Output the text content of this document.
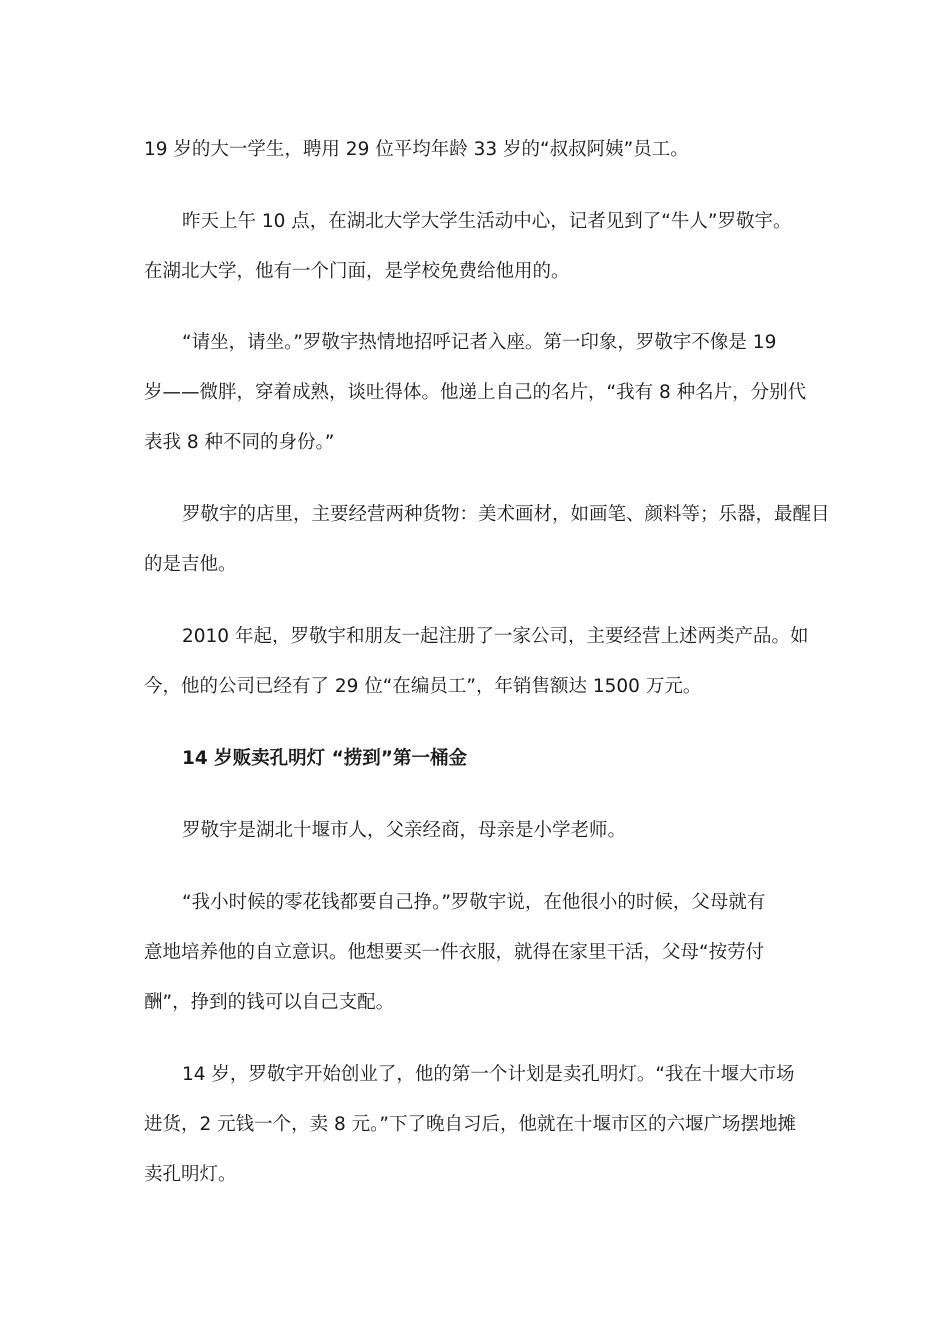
19 岁的大一学生，聘用 29 位平均年龄 33 岁的“叔叔阿姨”员工。

昨天上午 10 点，在湖北大学大学生活动中心，记者见到了“牛人”罗敬宇。
在湖北大学，他有一个门面，是学校免费给他用的。

“请坐，请坐。”罗敬宇热情地招呼记者入座。第一印象，罗敬宇不像是 19
岁——微胖，穿着成熟，谈吐得体。他递上自己的名片，“我有 8 种名片，分别代
表我 8 种不同的身份。”

罗敬宇的店里，主要经营两种货物：美术画材，如画笔、颜料等；乐器，最醒目
的是吉他。

2010 年起，罗敬宇和朋友一起注册了一家公司，主要经营上述两类产品。如
今，他的公司已经有了 29 位“在编员工”，年销售额达 1500 万元。

14 岁贩卖孔明灯 “捞到”第一桶金

罗敬宇是湖北十堰市人，父亲经商，母亲是小学老师。

“我小时候的零花钱都要自己挣。”罗敬宇说，在他很小的时候，父母就有
意地培养他的自立意识。他想要买一件衣服，就得在家里干活，父母“按劳付
酬”，挣到的钱可以自己支配。

14 岁，罗敬宇开始创业了，他的第一个计划是卖孔明灯。“我在十堰大市场
进货，2 元钱一个，卖 8 元。”下了晚自习后，他就在十堰市区的六堰广场摆地摊
卖孔明灯。
